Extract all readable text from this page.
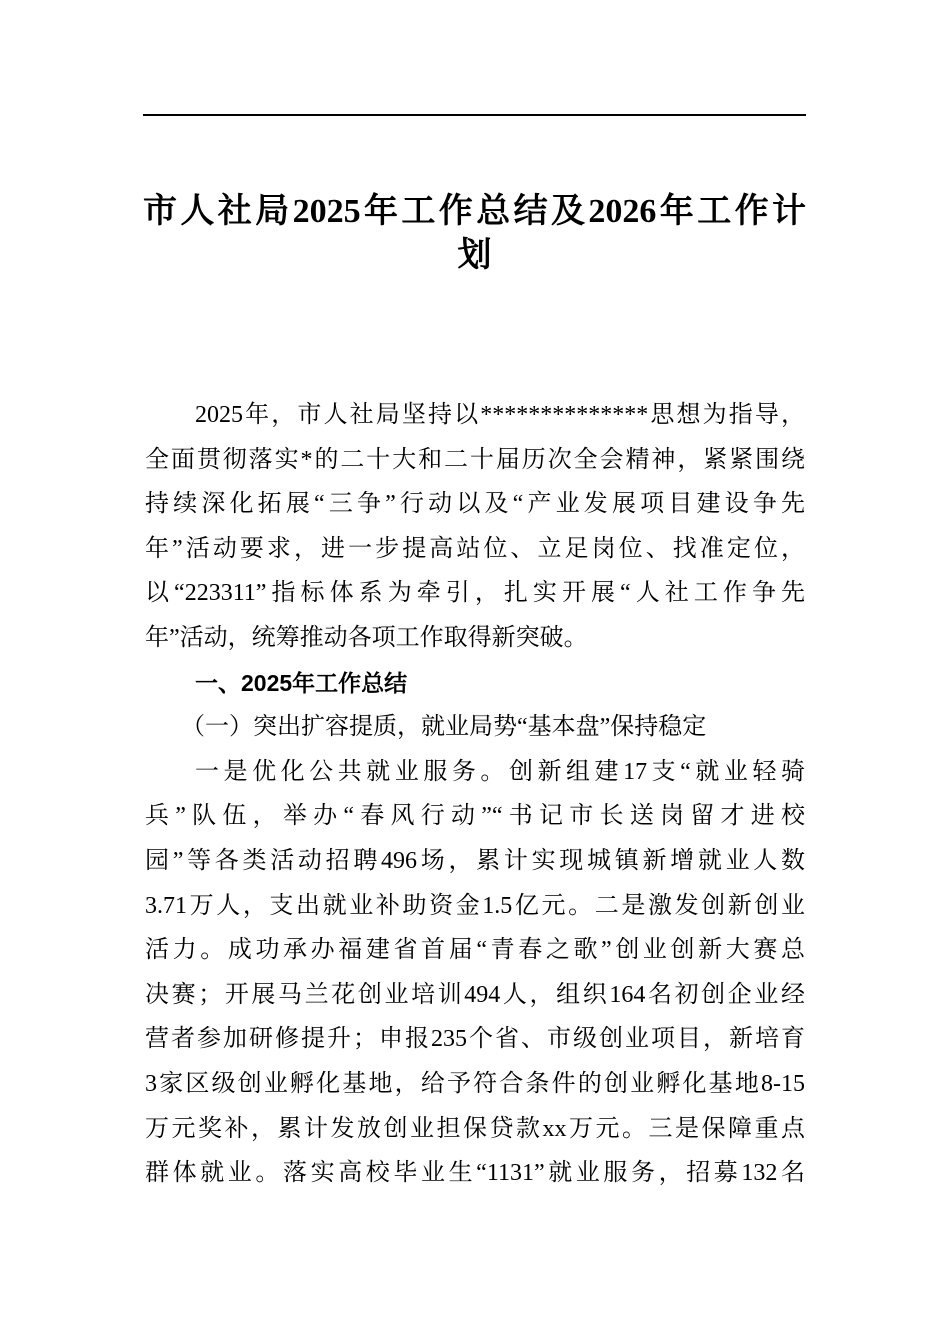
市人社局2025年工作总结及2026年工作计
划
2025年，市人社局坚持以**************思想为指导，
全面贯彻落实*的二十大和二十届历次全会精神，紧紧围绕
持续深化拓展“三争”行动以及“产业发展项目建设争先
年”活动要求，进一步提高站位、立足岗位、找准定位，
以“223311”指标体系为牵引，扎实开展“人社工作争先
年”活动，统筹推动各项工作取得新突破。
一、2025年工作总结
（一）突出扩容提质，就业局势“基本盘”保持稳定
一是优化公共就业服务。创新组建17支“就业轻骑
兵”队伍，举办“春风行动”“书记市长送岗留才进校
园”等各类活动招聘496场，累计实现城镇新增就业人数
3.71万人，支出就业补助资金1.5亿元。二是激发创新创业
活力。成功承办福建省首届“青春之歌”创业创新大赛总
决赛；开展马兰花创业培训494人，组织164名初创企业经
营者参加研修提升；申报235个省、市级创业项目，新培育
3家区级创业孵化基地，给予符合条件的创业孵化基地8-15
万元奖补，累计发放创业担保贷款xx万元。三是保障重点
群体就业。落实高校毕业生“1131”就业服务，招募132名
